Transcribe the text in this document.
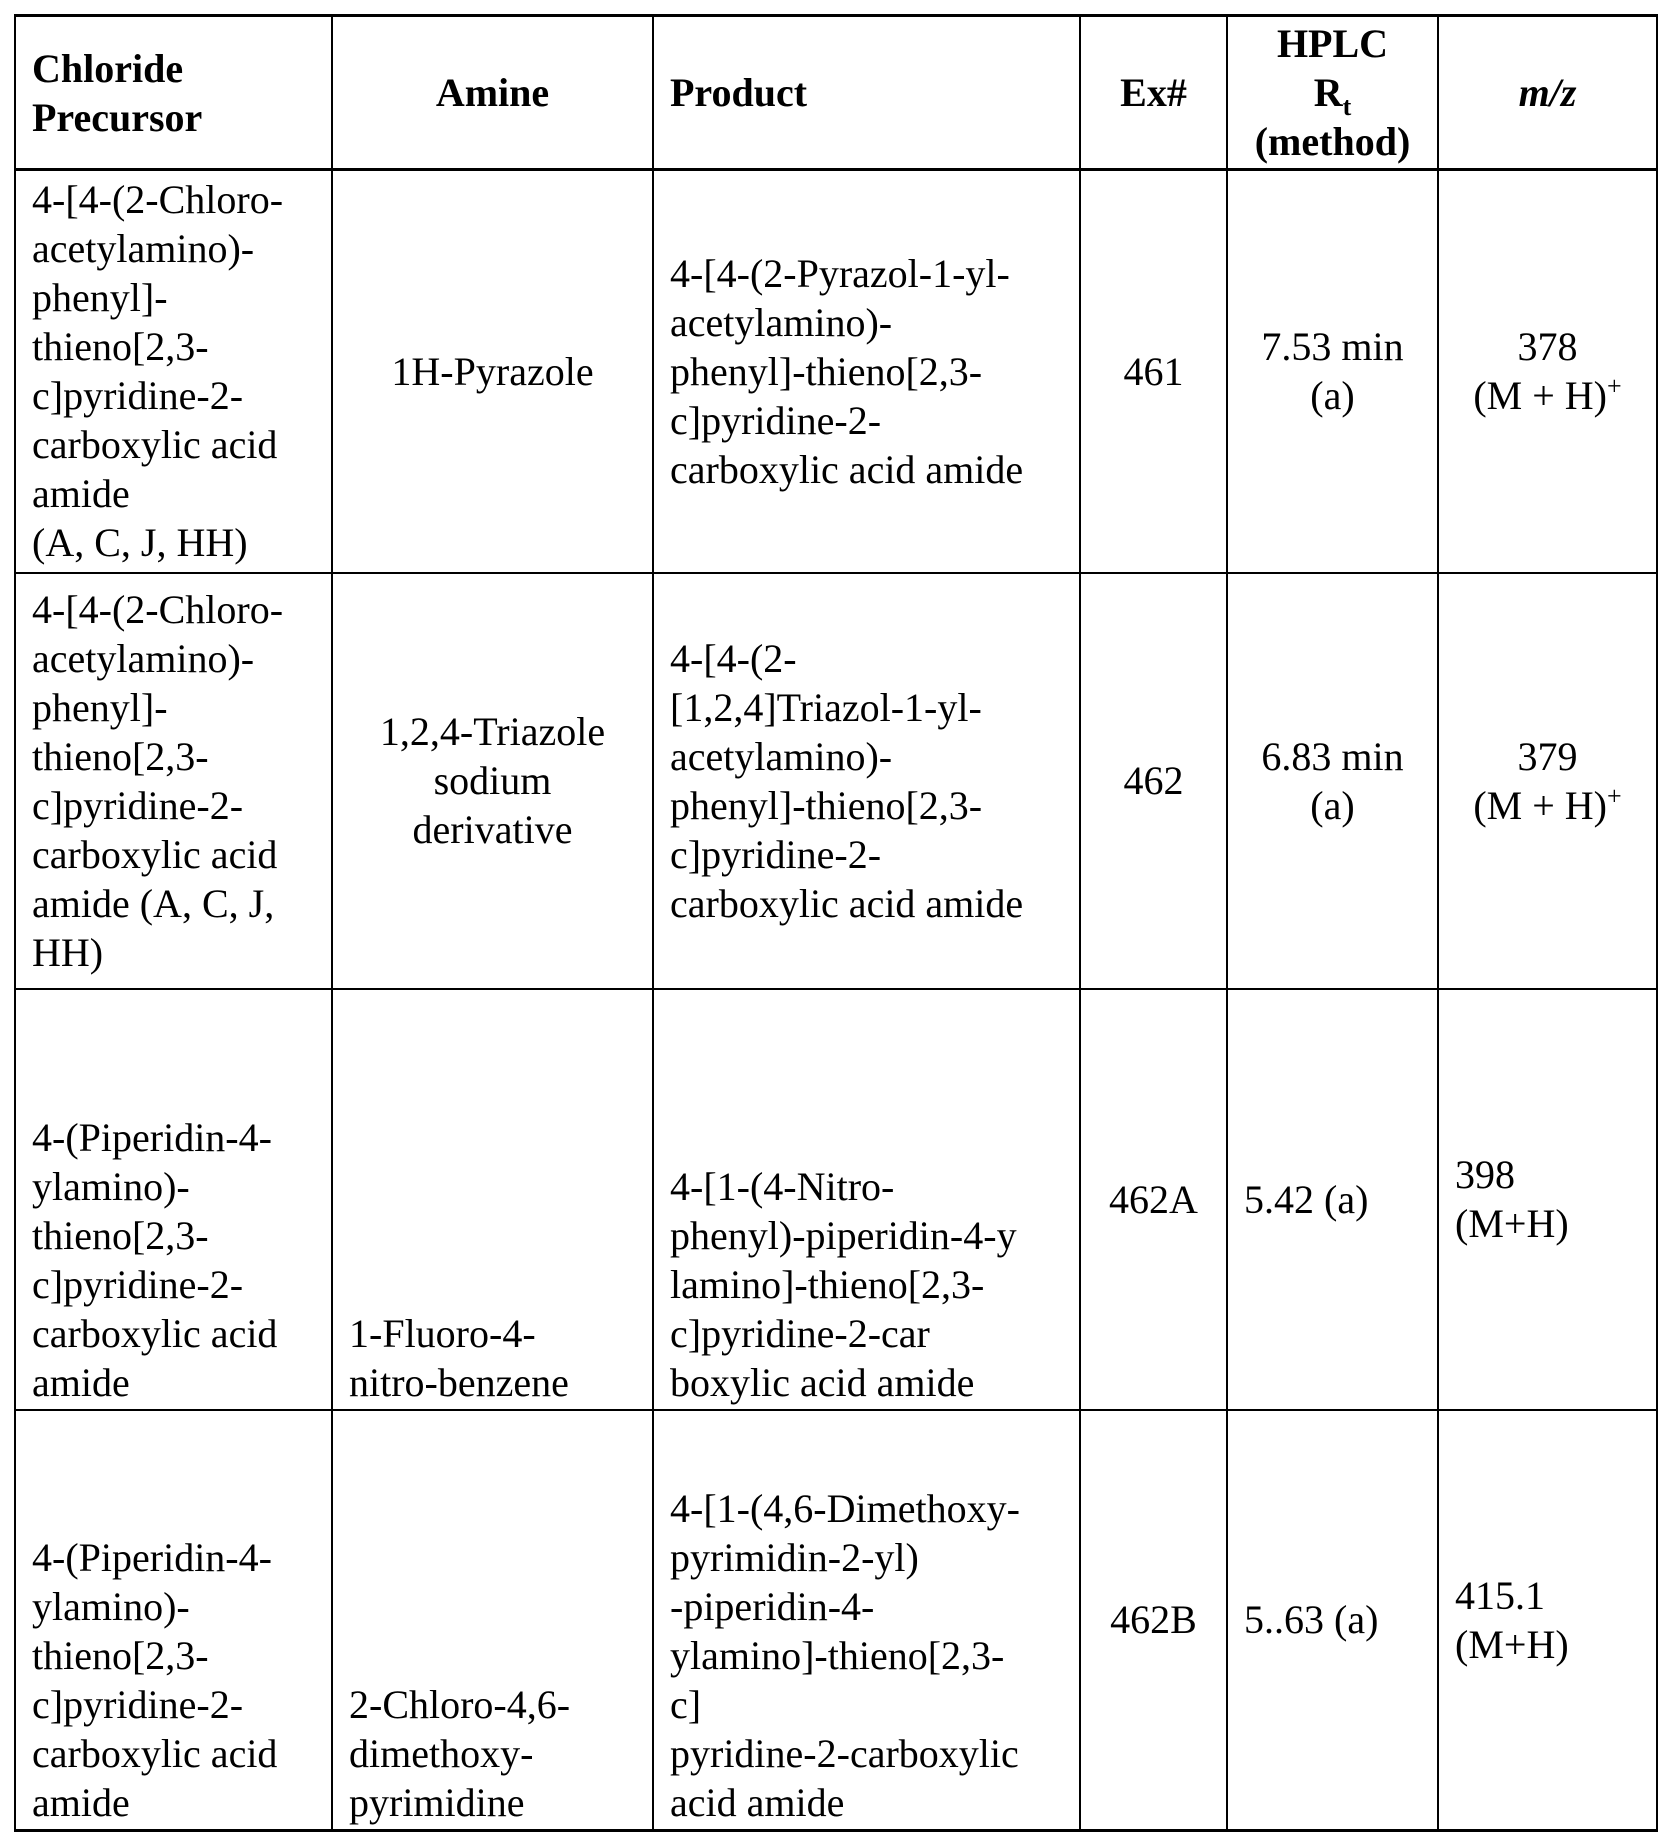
Chloride
Precursor	Amine	Product	Ex#	HPLC
Rt
(method)	m/z
4-[4-(2-Chloro-
acetylamino)-
phenyl]-
thieno[2,3-
c]pyridine-2-
carboxylic acid
amide
(A, C, J, HH)	1H-Pyrazole	4-[4-(2-Pyrazol-1-yl-
acetylamino)-
phenyl]-thieno[2,3-
c]pyridine-2-
carboxylic acid amide	461	7.53 min
(a)	378
(M + H)+
4-[4-(2-Chloro-
acetylamino)-
phenyl]-
thieno[2,3-
c]pyridine-2-
carboxylic acid
amide (A, C, J,
HH)	1,2,4-Triazole
sodium
derivative	4-[4-(2-
[1,2,4]Triazol-1-yl-
acetylamino)-
phenyl]-thieno[2,3-
c]pyridine-2-
carboxylic acid amide	462	6.83 min
(a)	379
(M + H)+
4-(Piperidin-4-
ylamino)-
thieno[2,3-
c]pyridine-2-
carboxylic acid
amide	1-Fluoro-4-
nitro-benzene	4-[1-(4-Nitro-
phenyl)-piperidin-4-y
lamino]-thieno[2,3-
c]pyridine-2-car
boxylic acid amide	462A	5.42 (a)	398
(M+H)
4-(Piperidin-4-
ylamino)-
thieno[2,3-
c]pyridine-2-
carboxylic acid
amide	2-Chloro-4,6-
dimethoxy-
pyrimidine	4-[1-(4,6-Dimethoxy-
pyrimidin-2-yl)
-piperidin-4-
ylamino]-thieno[2,3-
c]
pyridine-2-carboxylic
acid amide	462B	5..63 (a)	415.1
(M+H)
